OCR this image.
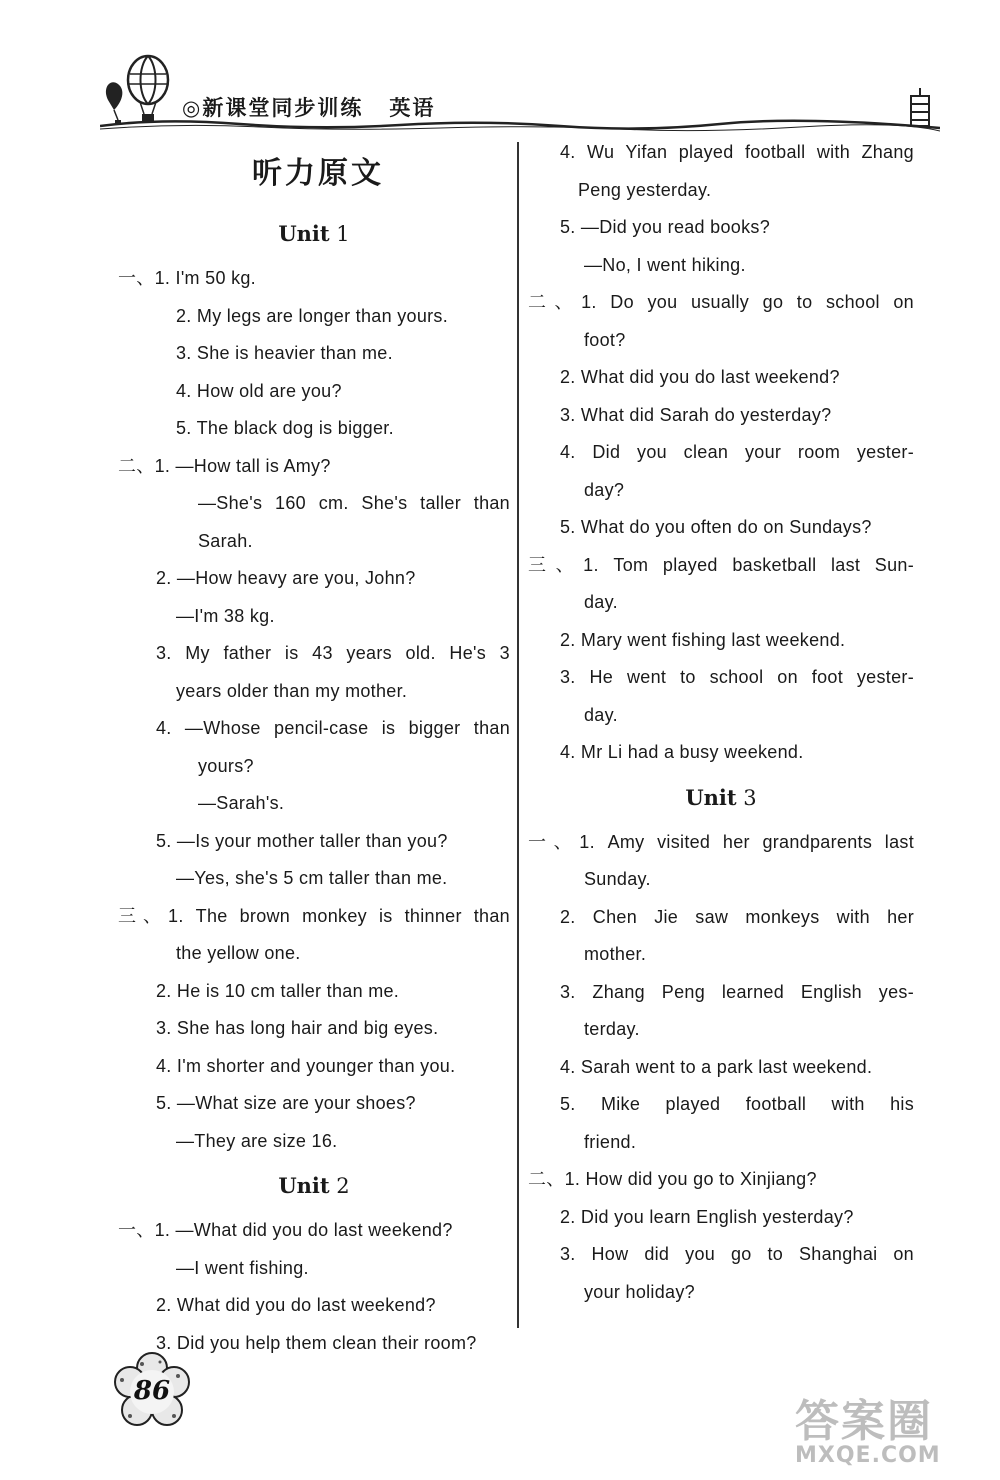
◎新课堂同步训练 英语
听力原文
Unit 1
一、1. I'm 50 kg.
2. My legs are longer than yours.
3. She is heavier than me.
4. How old are you?
5. The black dog is bigger.
二、1. —How tall is Amy?
—She's 160 cm. She's taller than
Sarah.
2. —How heavy are you, John?
—I'm 38 kg.
3. My father is 43 years old. He's 3
years older than my mother.
4. —Whose pencil-case is bigger than
yours?
—Sarah's.
5. —Is your mother taller than you?
—Yes, she's 5 cm taller than me.
三、1. The brown monkey is thinner than
the yellow one.
2. He is 10 cm taller than me.
3. She has long hair and big eyes.
4. I'm shorter and younger than you.
5. —What size are your shoes?
—They are size 16.
Unit 2
一、1. —What did you do last weekend?
—I went fishing.
2. What did you do last weekend?
3. Did you help them clean their room?
4. Wu Yifan played football with Zhang
Peng yesterday.
5. —Did you read books?
—No, I went hiking.
二、1. Do you usually go to school on
foot?
2. What did you do last weekend?
3. What did Sarah do yesterday?
4. Did you clean your room yester-
day?
5. What do you often do on Sundays?
三、1. Tom played basketball last Sun-
day.
2. Mary went fishing last weekend.
3. He went to school on foot yester-
day.
4. Mr Li had a busy weekend.
Unit 3
一、1. Amy visited her grandparents last
Sunday.
2. Chen Jie saw monkeys with her
mother.
3. Zhang Peng learned English yes-
terday.
4. Sarah went to a park last weekend.
5. Mike played football with his
friend.
二、1. How did you go to Xinjiang?
2. Did you learn English yesterday?
3. How did you go to Shanghai on
your holiday?
86
答案圈
MXQE.COM
